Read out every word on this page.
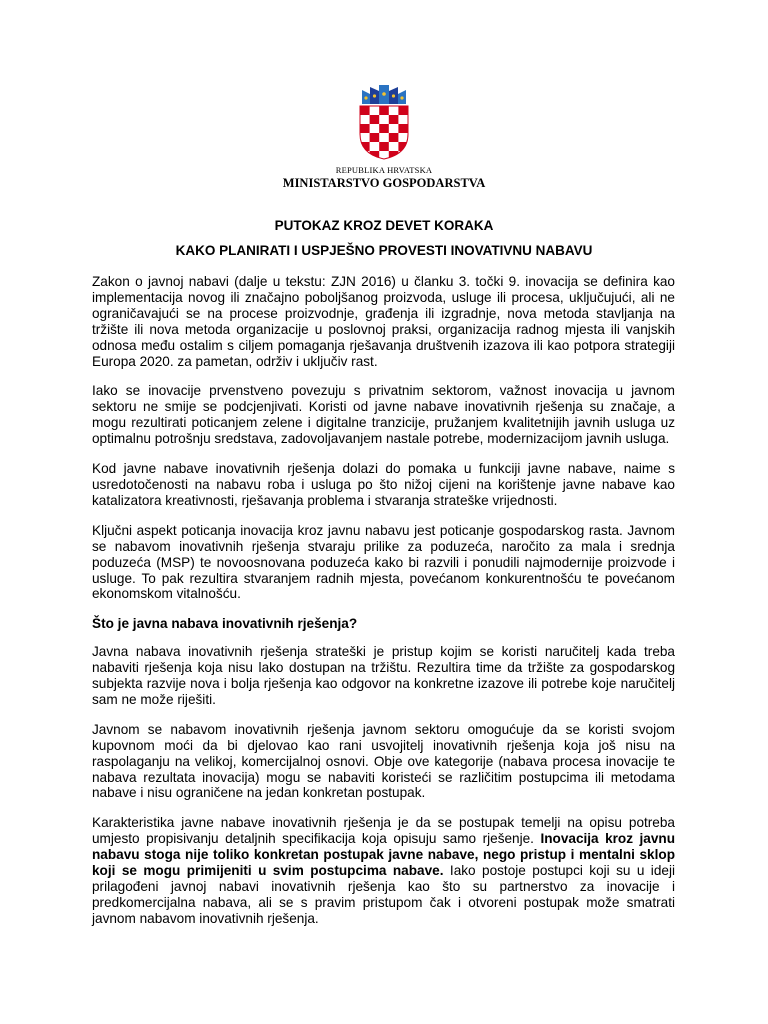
REPUBLIKA HRVATSKA
MINISTARSTVO GOSPODARSTVA
PUTOKAZ KROZ DEVET KORAKA
KAKO PLANIRATI I USPJEŠNO PROVESTI INOVATIVNU NABAVU

Zakon o javnoj nabavi (dalje u tekstu: ZJN 2016) u članku 3. točki 9. inovacija se definira kao implementacija novog ili značajno poboljšanog proizvoda, usluge ili procesa, uključujući, ali ne ograničavajući se na procese proizvodnje, građenja ili izgradnje, nova metoda stavljanja na tržište ili nova metoda organizacije u poslovnoj praksi, organizacija radnog mjesta ili vanjskih odnosa među ostalim s ciljem pomaganja rješavanja društvenih izazova ili kao potpora strategiji Europa 2020. za pametan, održiv i uključiv rast.

Iako se inovacije prvenstveno povezuju s privatnim sektorom, važnost inovacija u javnom sektoru ne smije se podcjenjivati. Koristi od javne nabave inovativnih rješenja su značaje, a mogu rezultirati poticanjem zelene i digitalne tranzicije, pružanjem kvalitetnijih javnih usluga uz optimalnu potrošnju sredstava, zadovoljavanjem nastale potrebe, modernizacijom javnih usluga.

Kod javne nabave inovativnih rješenja dolazi do pomaka u funkciji javne nabave, naime s usredotočenosti na nabavu roba i usluga po što nižoj cijeni na korištenje javne nabave kao katalizatora kreativnosti, rješavanja problema i stvaranja strateške vrijednosti.

Ključni aspekt poticanja inovacija kroz javnu nabavu jest poticanje gospodarskog rasta. Javnom se nabavom inovativnih rješenja stvaraju prilike za poduzeća, naročito za mala i srednja poduzeća (MSP) te novoosnovana poduzeća kako bi razvili i ponudili najmodernije proizvode i usluge. To pak rezultira stvaranjem radnih mjesta, povećanom konkurentnošću te povećanom ekonomskom vitalnošću.

Što je javna nabava inovativnih rješenja?

Javna nabava inovativnih rješenja strateški je pristup kojim se koristi naručitelj kada treba nabaviti rješenja koja nisu lako dostupan na tržištu. Rezultira time da tržište za gospodarskog subjekta razvije nova i bolja rješenja kao odgovor na konkretne izazove ili potrebe koje naručitelj sam ne može riješiti.

Javnom se nabavom inovativnih rješenja javnom sektoru omogućuje da se koristi svojom kupovnom moći da bi djelovao kao rani usvojitelj inovativnih rješenja koja još nisu na raspolaganju na velikoj, komercijalnoj osnovi. Obje ove kategorije (nabava procesa inovacije te nabava rezultata inovacija) mogu se nabaviti koristeći se različitim postupcima ili metodama nabave i nisu ograničene na jedan konkretan postupak.

Karakteristika javne nabave inovativnih rješenja je da se postupak temelji na opisu potreba umjesto propisivanju detaljnih specifikacija koja opisuju samo rješenje. Inovacija kroz javnu nabavu stoga nije toliko konkretan postupak javne nabave, nego pristup i mentalni sklop koji se mogu primijeniti u svim postupcima nabave. Iako postoje postupci koji su u ideji prilagođeni javnoj nabavi inovativnih rješenja kao što su partnerstvo za inovacije i predkomercijalna nabava, ali se s pravim pristupom čak i otvoreni postupak može smatrati javnom nabavom inovativnih rješenja.
